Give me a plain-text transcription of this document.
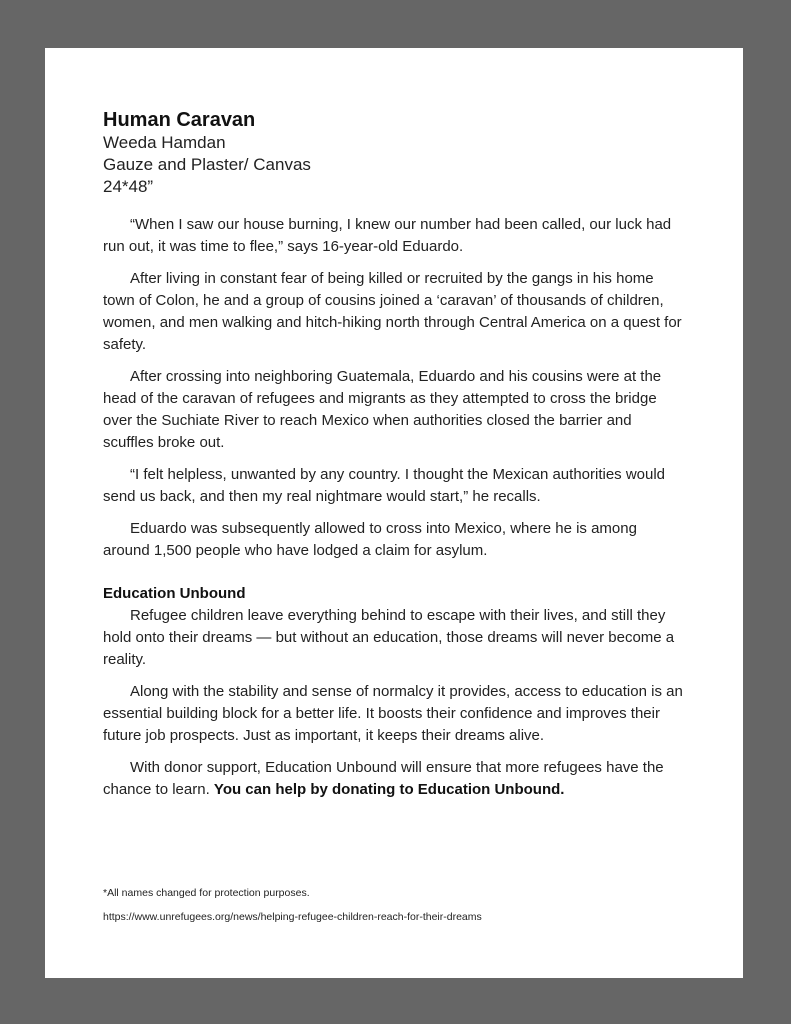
Human Caravan

Weeda Hamdan

Gauze and Plaster/ Canvas

24*48”

“When I saw our house burning, I knew our number had been called, our luck had run out, it was time to flee,” says 16-year-old Eduardo.

After living in constant fear of being killed or recruited by the gangs in his home town of Colon, he and a group of cousins joined a ‘caravan’ of thousands of children, women, and men walking and hitch-hiking north through Central America on a quest for safety.

After crossing into neighboring Guatemala, Eduardo and his cousins were at the head of the caravan of refugees and migrants as they attempted to cross the bridge over the Suchiate River to reach Mexico when authorities closed the barrier and scuffles broke out.

“I felt helpless, unwanted by any country. I thought the Mexican authorities would send us back, and then my real nightmare would start,” he recalls.

Eduardo was subsequently allowed to cross into Mexico, where he is among around 1,500 people who have lodged a claim for asylum.

Education Unbound

Refugee children leave everything behind to escape with their lives, and still they hold onto their dreams — but without an education, those dreams will never become a reality.

Along with the stability and sense of normalcy it provides, access to education is an essential building block for a better life. It boosts their confidence and improves their future job prospects. Just as important, it keeps their dreams alive.

With donor support, Education Unbound will ensure that more refugees have the chance to learn. You can help by donating to Education Unbound.

*All names changed for protection purposes.

https://www.unrefugees.org/news/helping-refugee-children-reach-for-their-dreams
